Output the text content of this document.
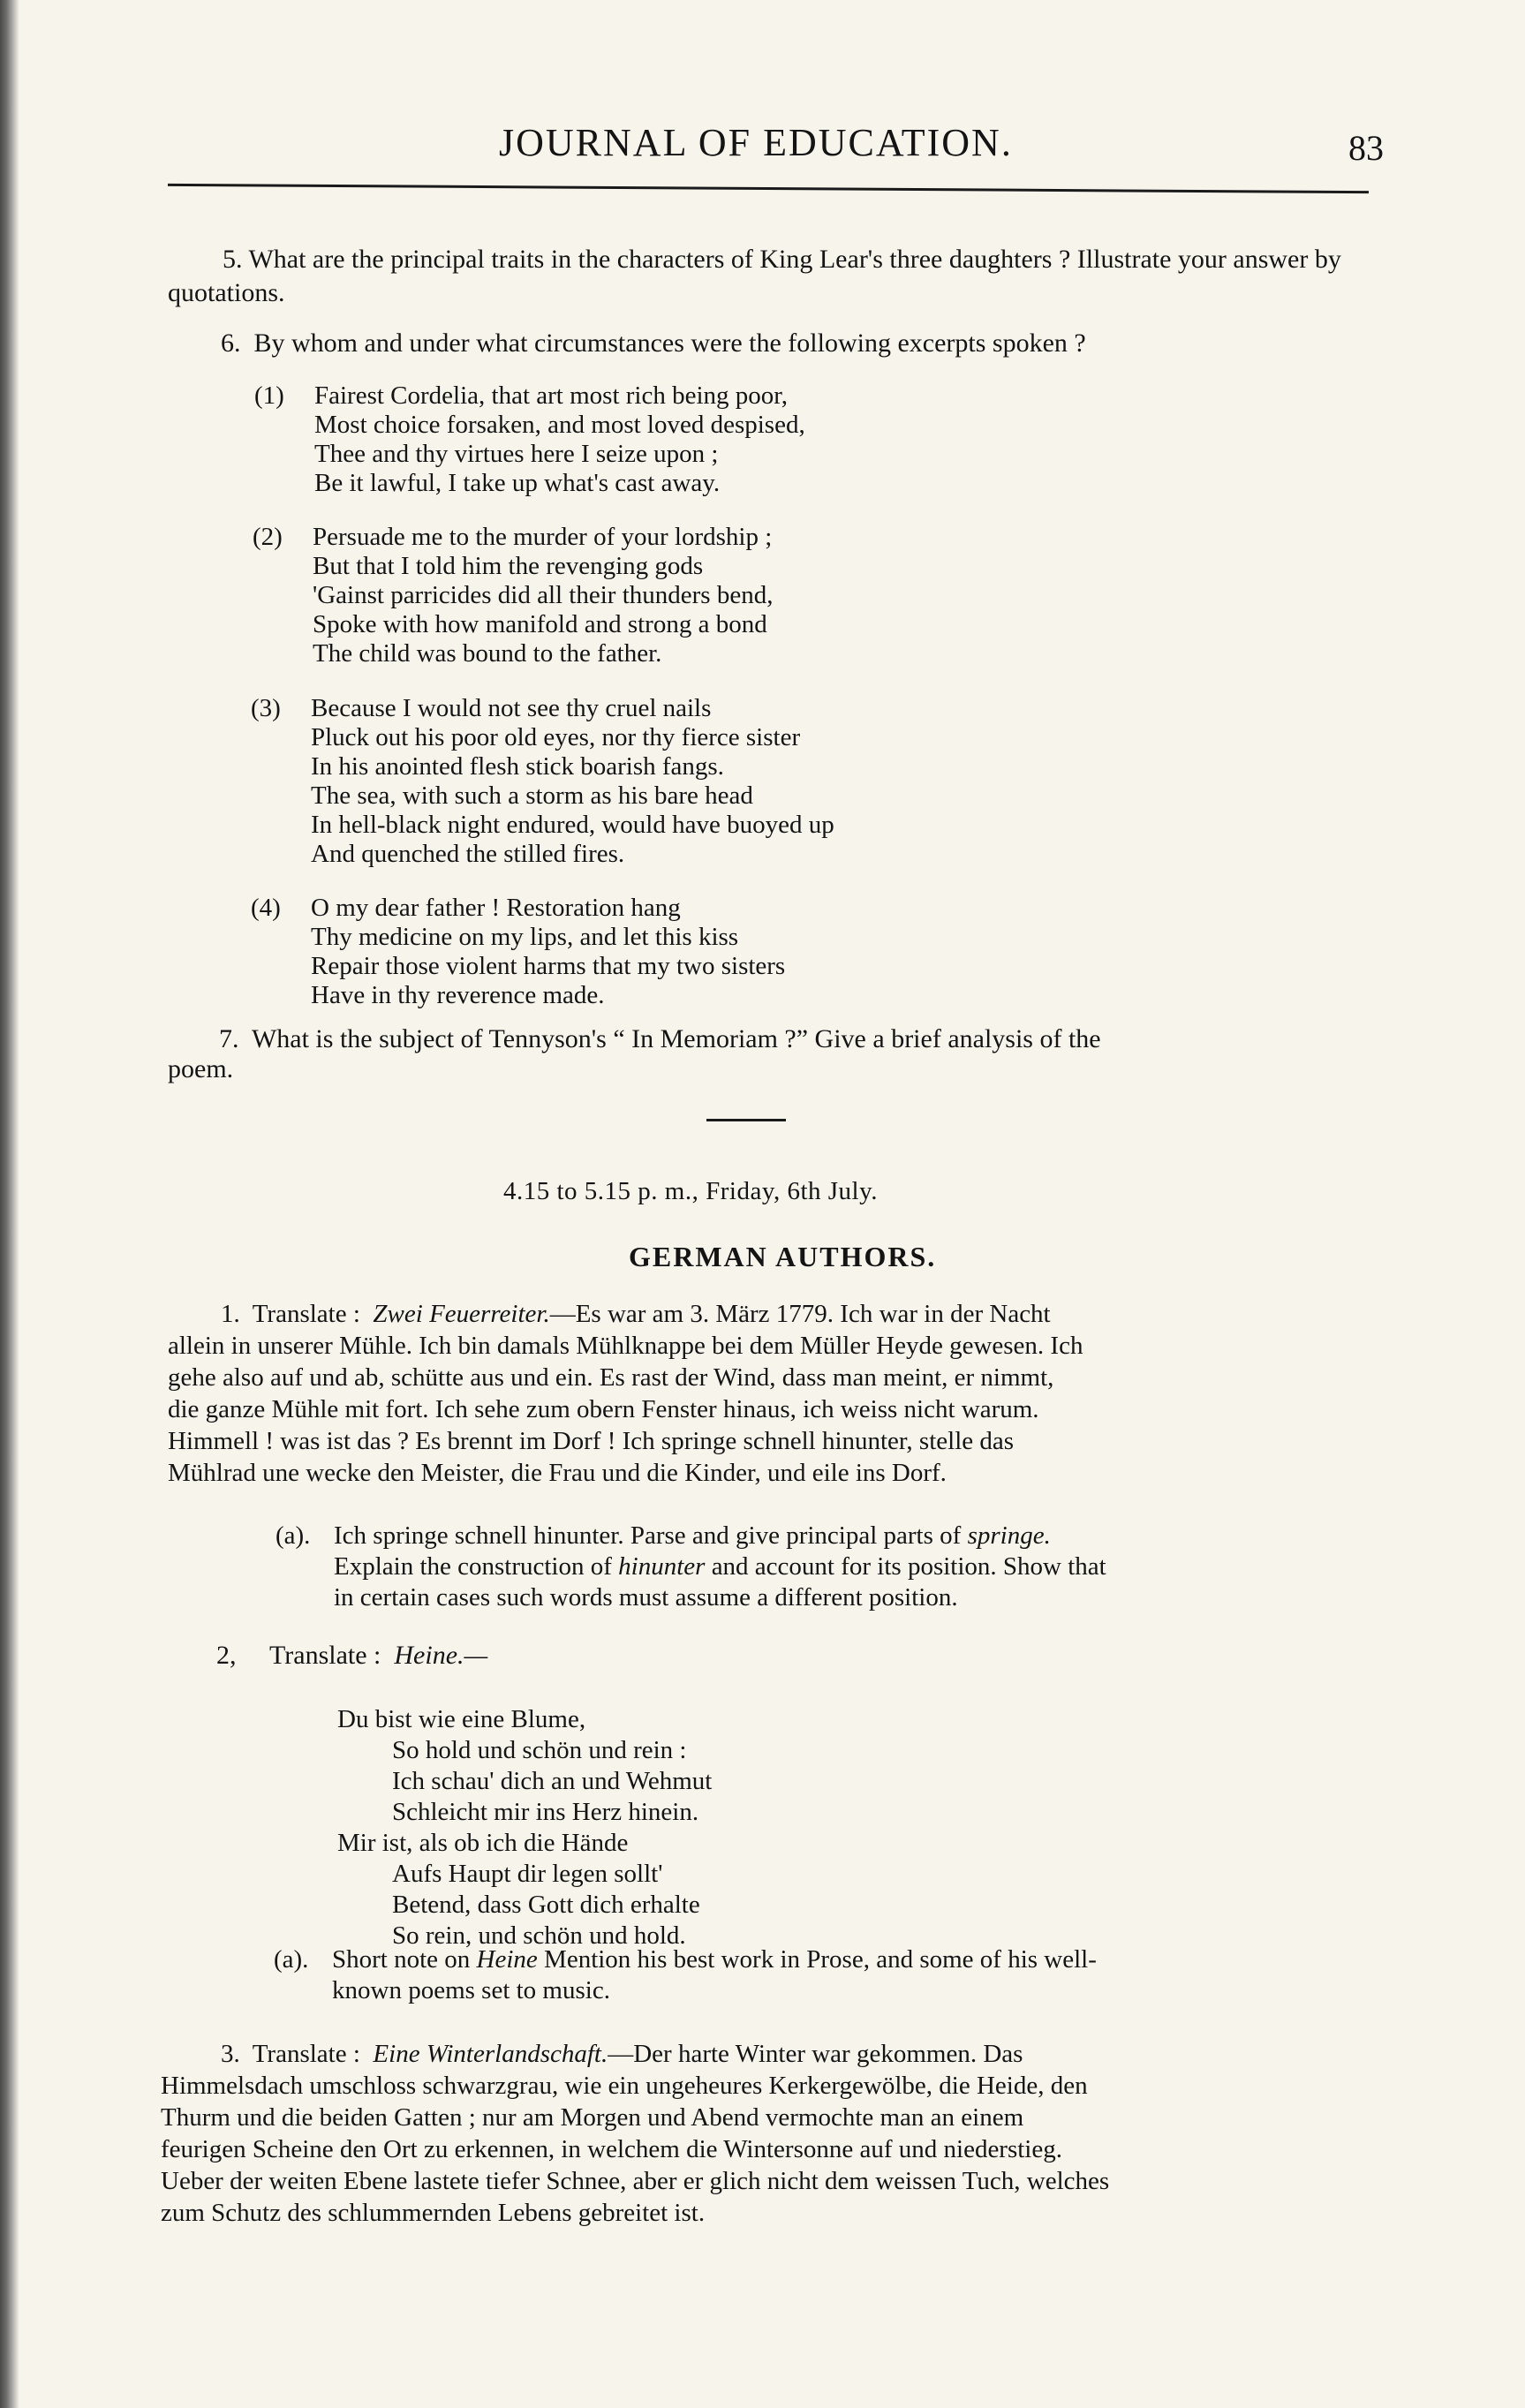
JOURNAL OF EDUCATION.	83

5. What are the principal traits in the characters of King Lear's three daughters ? Illustrate your answer by quotations.

6. By whom and under what circumstances were the following excerpts spoken ?

(1)	Fairest Cordelia, that art most rich being poor,
Most choice forsaken, and most loved despised,
Thee and thy virtues here I seize upon ;
Be it lawful, I take up what's cast away.
(2)	Persuade me to the murder of your lordship ;
But that I told him the revenging gods
'Gainst parricides did all their thunders bend,
Spoke with how manifold and strong a bond
The child was bound to the father.
(3)	Because I would not see thy cruel nails
Pluck out his poor old eyes, nor thy fierce sister
In his anointed flesh stick boarish fangs.
The sea, with such a storm as his bare head
In hell-black night endured, would have buoyed up
And quenched the stilled fires.
(4)	O my dear father ! Restoration hang
Thy medicine on my lips, and let this kiss
Repair those violent harms that my two sisters
Have in thy reverence made.
7. What is the subject of Tennyson's “ In Memoriam ?” Give a brief analysis of the
poem.
4.15 to 5.15 p. m., Friday, 6th July.
GERMAN AUTHORS.
1. Translate : Zwei Feuerreiter.—Es war am 3. März 1779. Ich war in der Nacht
allein in unserer Mühle. Ich bin damals Mühlknappe bei dem Müller Heyde gewesen. Ich
gehe also auf und ab, schütte aus und ein. Es rast der Wind, dass man meint, er nimmt,
die ganze Mühle mit fort. Ich sehe zum obern Fenster hinaus, ich weiss nicht warum.
Himmell ! was ist das ? Es brennt im Dorf ! Ich springe schnell hinunter, stelle das
Mühlrad une wecke den Meister, die Frau und die Kinder, und eile ins Dorf.
(a). Ich springe schnell hinunter. Parse and give principal parts of springe.
Explain the construction of hinunter and account for its position. Show that
in certain cases such words must assume a different position.
2, Translate : Heine.—
Du bist wie eine Blume,
So hold und schön und rein :
Ich schau' dich an und Wehmut
Schleicht mir ins Herz hinein.
Mir ist, als ob ich die Hände
Aufs Haupt dir legen sollt'
Betend, dass Gott dich erhalte
So rein, und schön und hold.
(a). Short note on Heine Mention his best work in Prose, and some of his well-
known poems set to music.
3. Translate : Eine Winterlandschaft.—Der harte Winter war gekommen. Das
Himmelsdach umschloss schwarzgrau, wie ein ungeheures Kerkergewölbe, die Heide, den
Thurm und die beiden Gatten ; nur am Morgen und Abend vermochte man an einem
feurigen Scheine den Ort zu erkennen, in welchem die Wintersonne auf und niederstieg.
Ueber der weiten Ebene lastete tiefer Schnee, aber er glich nicht dem weissen Tuch, welches
zum Schutz des schlummernden Lebens gebreitet ist.
